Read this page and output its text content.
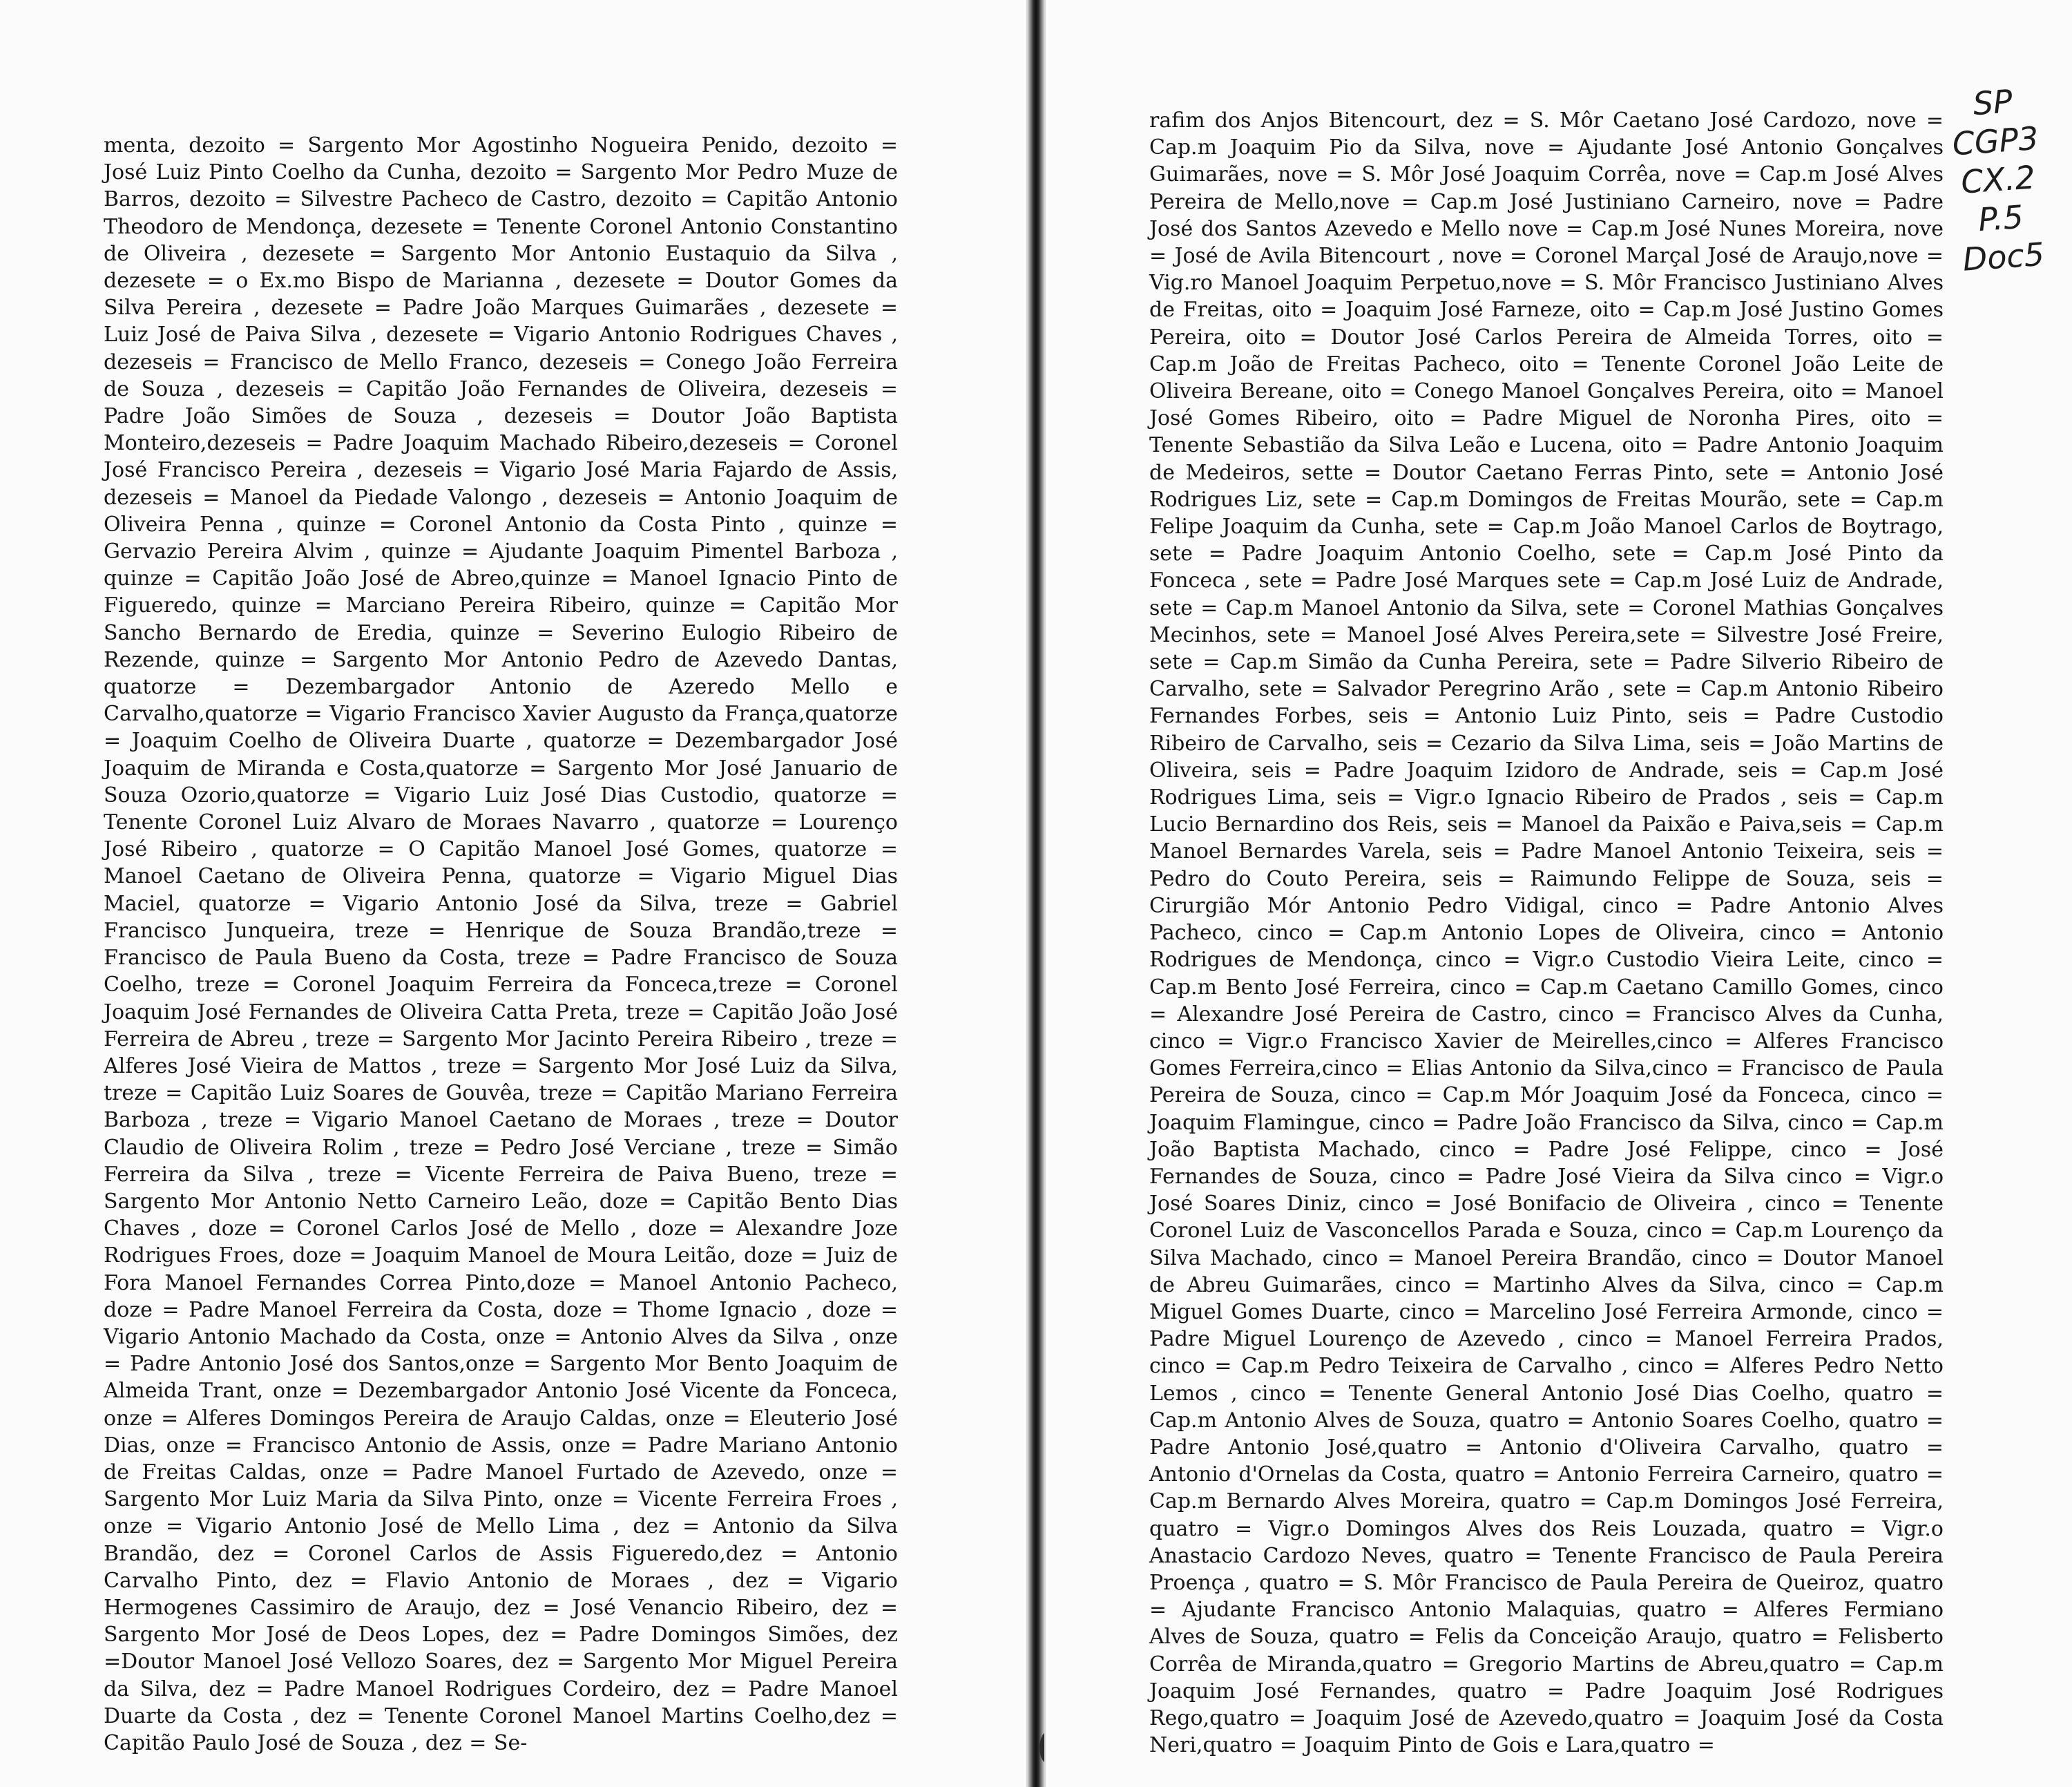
menta, dezoito = Sargento Mor Agostinho Nogueira Penido, dezoito = José Luiz Pinto Coelho da Cunha, dezoito = Sargento Mor Pedro Muze de Barros, dezoito = Silvestre Pacheco de Castro, dezoito = Capitão Antonio Theodoro de Mendonça, dezesete = Tenente Coronel Antonio Constantino de Oliveira , dezesete = Sargento Mor Antonio Eustaquio da Silva , dezesete = o Ex.mo Bispo de Marianna , dezesete = Doutor Gomes da Silva Pereira , dezesete = Padre João Marques Guimarães , dezesete = Luiz José de Paiva Silva , dezesete = Vigario Antonio Rodrigues Chaves , dezeseis = Francisco de Mello Franco, dezeseis = Conego João Ferreira de Souza , dezeseis = Capitão João Fernandes de Oliveira, dezeseis = Padre João Simões de Souza , dezeseis = Doutor João Baptista Monteiro,dezeseis = Padre Joaquim Machado Ribeiro,dezeseis = Coronel José Francisco Pereira , dezeseis = Vigario José Maria Fajardo de Assis, dezeseis = Manoel da Piedade Valongo , dezeseis = Antonio Joaquim de Oliveira Penna , quinze = Coronel Antonio da Costa Pinto , quinze = Gervazio Pereira Alvim , quinze = Ajudante Joaquim Pimentel Barboza , quinze = Capitão João José de Abreo,quinze = Manoel Ignacio Pinto de Figueredo, quinze = Marciano Pereira Ribeiro, quinze = Capitão Mor Sancho Bernardo de Eredia, quinze = Severino Eulogio Ribeiro de Rezende, quinze = Sargento Mor Antonio Pedro de Azevedo Dantas, quatorze = Dezembargador Antonio de Azeredo Mello e Carvalho,quatorze = Vigario Francisco Xavier Augusto da França,quatorze = Joaquim Coelho de Oliveira Duarte , quatorze = Dezembargador José Joaquim de Miranda e Costa,quatorze = Sargento Mor José Januario de Souza Ozorio,quatorze = Vigario Luiz José Dias Custodio, quatorze = Tenente Coronel Luiz Alvaro de Moraes Navarro , quatorze = Lourenço José Ribeiro , quatorze = O Capitão Manoel José Gomes, quatorze = Manoel Caetano de Oliveira Penna, quatorze = Vigario Miguel Dias Maciel, quatorze = Vigario Antonio José da Silva, treze = Gabriel Francisco Junqueira, treze = Henrique de Souza Brandão,treze = Francisco de Paula Bueno da Costa, treze = Padre Francisco de Souza Coelho, treze = Coronel Joaquim Ferreira da Fonceca,treze = Coronel Joaquim José Fernandes de Oliveira Catta Preta, treze = Capitão João José Ferreira de Abreu , treze = Sargento Mor Jacinto Pereira Ribeiro , treze = Alferes José Vieira de Mattos , treze = Sargento Mor José Luiz da Silva, treze = Capitão Luiz Soares de Gouvêa, treze = Capitão Mariano Ferreira Barboza , treze = Vigario Manoel Caetano de Moraes , treze = Doutor Claudio de Oliveira Rolim , treze = Pedro José Verciane , treze = Simão Ferreira da Silva , treze = Vicente Ferreira de Paiva Bueno, treze = Sargento Mor Antonio Netto Carneiro Leão, doze = Capitão Bento Dias Chaves , doze = Coronel Carlos José de Mello , doze = Alexandre Joze Rodrigues Froes, doze = Joaquim Manoel de Moura Leitão, doze = Juiz de Fora Manoel Fernandes Correa Pinto,doze = Manoel Antonio Pacheco, doze = Padre Manoel Ferreira da Costa, doze = Thome Ignacio , doze = Vigario Antonio Machado da Costa, onze = Antonio Alves da Silva , onze = Padre Antonio José dos Santos,onze = Sargento Mor Bento Joaquim de Almeida Trant, onze = Dezembargador Antonio José Vicente da Fonceca, onze = Alferes Domingos Pereira de Araujo Caldas, onze = Eleuterio José Dias, onze = Francisco Antonio de Assis, onze = Padre Mariano Antonio de Freitas Caldas, onze = Padre Manoel Furtado de Azevedo, onze = Sargento Mor Luiz Maria da Silva Pinto, onze = Vicente Ferreira Froes , onze = Vigario Antonio José de Mello Lima , dez = Antonio da Silva Brandão, dez = Coronel Carlos de Assis Figueredo,dez = Antonio Carvalho Pinto, dez = Flavio Antonio de Moraes , dez = Vigario Hermogenes Cassimiro de Araujo, dez = José Venancio Ribeiro, dez = Sargento Mor José de Deos Lopes, dez = Padre Domingos Simões, dez =Doutor Manoel José Vellozo Soares, dez = Sargento Mor Miguel Pereira da Silva, dez = Padre Manoel Rodrigues Cordeiro, dez = Padre Manoel Duarte da Costa , dez = Tenente Coronel Manoel Martins Coelho,dez = Capitão Paulo José de Souza , dez = Se-
rafim dos Anjos Bitencourt, dez = S. Môr Caetano José Cardozo, nove = Cap.m Joaquim Pio da Silva, nove = Ajudante José Antonio Gonçalves Guimarães, nove = S. Môr José Joaquim Corrêa, nove = Cap.m José Alves Pereira de Mello,nove = Cap.m José Justiniano Carneiro, nove = Padre José dos Santos Azevedo e Mello nove = Cap.m José Nunes Moreira, nove = José de Avila Bitencourt , nove = Coronel Marçal José de Araujo,nove = Vig.ro Manoel Joaquim Perpetuo,nove = S. Môr Francisco Justiniano Alves de Freitas, oito = Joaquim José Farneze, oito = Cap.m José Justino Gomes Pereira, oito = Doutor José Carlos Pereira de Almeida Torres, oito = Cap.m João de Freitas Pacheco, oito = Tenente Coronel João Leite de Oliveira Bereane, oito = Conego Manoel Gonçalves Pereira, oito = Manoel José Gomes Ribeiro, oito = Padre Miguel de Noronha Pires, oito = Tenente Sebastião da Silva Leão e Lucena, oito = Padre Antonio Joaquim de Medeiros, sette = Doutor Caetano Ferras Pinto, sete = Antonio José Rodrigues Liz, sete = Cap.m Domingos de Freitas Mourão, sete = Cap.m Felipe Joaquim da Cunha, sete = Cap.m João Manoel Carlos de Boytrago, sete = Padre Joaquim Antonio Coelho, sete = Cap.m José Pinto da Fonceca , sete = Padre José Marques sete = Cap.m José Luiz de Andrade, sete = Cap.m Manoel Antonio da Silva, sete = Coronel Mathias Gonçalves Mecinhos, sete = Manoel José Alves Pereira,sete = Silvestre José Freire, sete = Cap.m Simão da Cunha Pereira, sete = Padre Silverio Ribeiro de Carvalho, sete = Salvador Peregrino Arão , sete = Cap.m Antonio Ribeiro Fernandes Forbes, seis = Antonio Luiz Pinto, seis = Padre Custodio Ribeiro de Carvalho, seis = Cezario da Silva Lima, seis = João Martins de Oliveira, seis = Padre Joaquim Izidoro de Andrade, seis = Cap.m José Rodrigues Lima, seis = Vigr.o Ignacio Ribeiro de Prados , seis = Cap.m Lucio Bernardino dos Reis, seis = Manoel da Paixão e Paiva,seis = Cap.m Manoel Bernardes Varela, seis = Padre Manoel Antonio Teixeira, seis = Pedro do Couto Pereira, seis = Raimundo Felippe de Souza, seis = Cirurgião Mór Antonio Pedro Vidigal, cinco = Padre Antonio Alves Pacheco, cinco = Cap.m Antonio Lopes de Oliveira, cinco = Antonio Rodrigues de Mendonça, cinco = Vigr.o Custodio Vieira Leite, cinco = Cap.m Bento José Ferreira, cinco = Cap.m Caetano Camillo Gomes, cinco = Alexandre José Pereira de Castro, cinco = Francisco Alves da Cunha, cinco = Vigr.o Francisco Xavier de Meirelles,cinco = Alferes Francisco Gomes Ferreira,cinco = Elias Antonio da Silva,cinco = Francisco de Paula Pereira de Souza, cinco = Cap.m Mór Joaquim José da Fonceca, cinco = Joaquim Flamingue, cinco = Padre João Francisco da Silva, cinco = Cap.m João Baptista Machado, cinco = Padre José Felippe, cinco = José Fernandes de Souza, cinco = Padre José Vieira da Silva cinco = Vigr.o José Soares Diniz, cinco = José Bonifacio de Oliveira , cinco = Tenente Coronel Luiz de Vasconcellos Parada e Souza, cinco = Cap.m Lourenço da Silva Machado, cinco = Manoel Pereira Brandão, cinco = Doutor Manoel de Abreu Guimarães, cinco = Martinho Alves da Silva, cinco = Cap.m Miguel Gomes Duarte, cinco = Marcelino José Ferreira Armonde, cinco = Padre Miguel Lourenço de Azevedo , cinco = Manoel Ferreira Prados, cinco = Cap.m Pedro Teixeira de Carvalho , cinco = Alferes Pedro Netto Lemos , cinco = Tenente General Antonio José Dias Coelho, quatro = Cap.m Antonio Alves de Souza, quatro = Antonio Soares Coelho, quatro = Padre Antonio José,quatro = Antonio d'Oliveira Carvalho, quatro = Antonio d'Ornelas da Costa, quatro = Antonio Ferreira Carneiro, quatro = Cap.m Bernardo Alves Moreira, quatro = Cap.m Domingos José Ferreira, quatro = Vigr.o Domingos Alves dos Reis Louzada, quatro = Vigr.o Anastacio Cardozo Neves, quatro = Tenente Francisco de Paula Pereira Proença , quatro = S. Môr Francisco de Paula Pereira de Queiroz, quatro = Ajudante Francisco Antonio Malaquias, quatro = Alferes Fermiano Alves de Souza, quatro = Felis da Conceição Araujo, quatro = Felisberto Corrêa de Miranda,quatro = Gregorio Martins de Abreu,quatro = Cap.m Joaquim José Fernandes, quatro = Padre Joaquim José Rodrigues Rego,quatro = Joaquim José de Azevedo,quatro = Joaquim José da Costa Neri,quatro = Joaquim Pinto de Gois e Lara,quatro =
SP
CGP3
CX.2
P.5
Doc5
